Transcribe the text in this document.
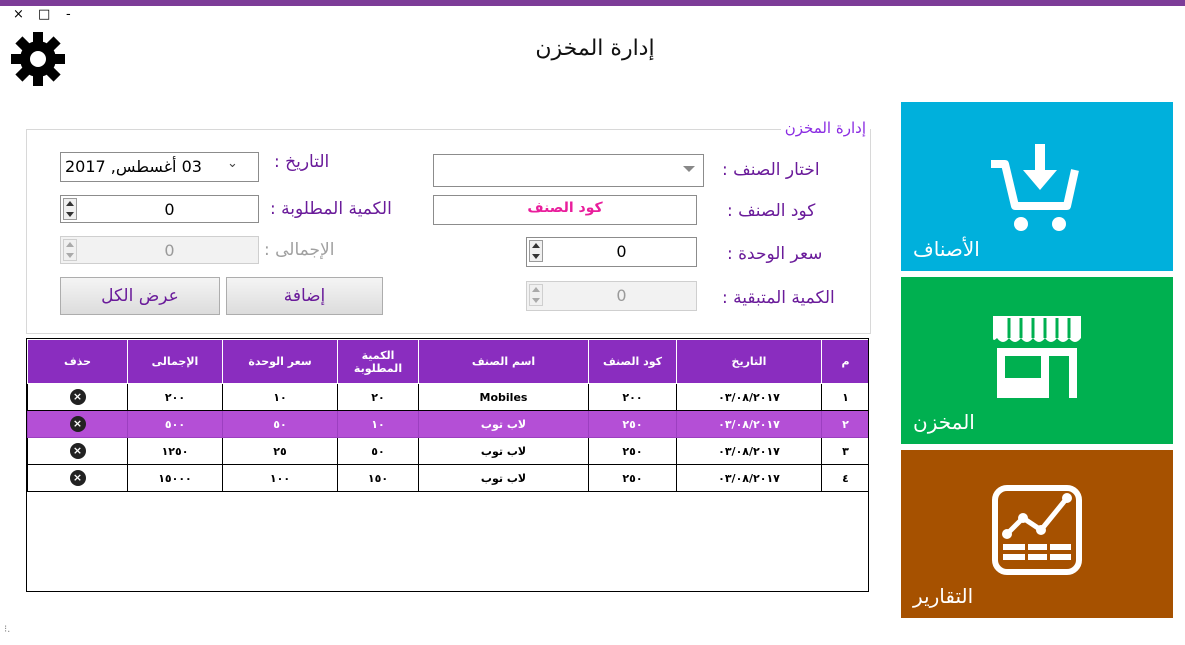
× □ -
إدارة المخزن
إدارة المخزن
اختار الصنف :
كود الصنف :
كود الصنف
سعر الوحدة :
0
الكمية المتبقية :
0
التاريخ :
03 أغسطس, 2017 ⌄
الكمية المطلوبة :
0
الإجمالى :
0
إضافة
عرض الكل
م	التاريخ	كود الصنف	اسم الصنف	الكمية المطلوبة	سعر الوحدة	الإجمالى	حذف
١	٠٣/٠٨/٢٠١٧	٢٠٠	Mobiles	٢٠	١٠	٢٠٠	×
٢	٠٣/٠٨/٢٠١٧	٢٥٠	لاب توب	١٠	٥٠	٥٠٠	×
٣	٠٣/٠٨/٢٠١٧	٢٥٠	لاب توب	٥٠	٢٥	١٢٥٠	×
٤	٠٣/٠٨/٢٠١٧	٢٥٠	لاب توب	١٥٠	١٠٠	١٥٠٠٠	×
الأصناف
المخزن
التقارير
⁝.
